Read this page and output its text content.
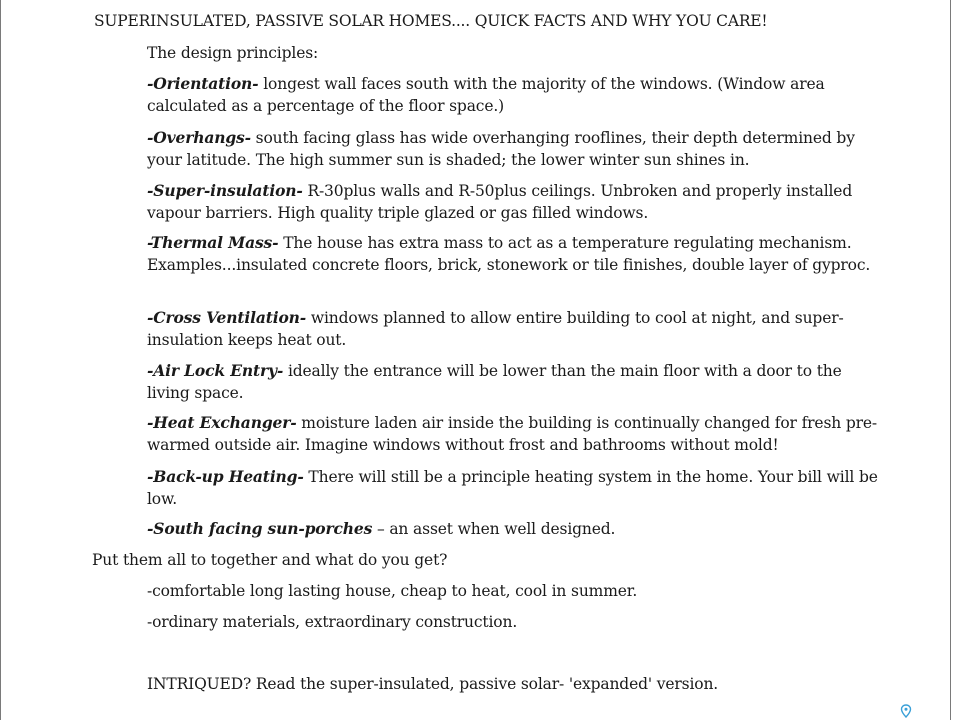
SUPERINSULATED, PASSIVE SOLAR HOMES.... QUICK FACTS AND WHY YOU CARE!
The design principles:
-Orientation- longest wall faces south with the majority of the windows. (Window area calculated as a percentage of the floor space.)
-Overhangs- south facing glass has wide overhanging rooflines, their depth determined by your latitude. The high summer sun is shaded; the lower winter sun shines in.
-Super-insulation- R-30plus walls and R-50plus ceilings. Unbroken and properly installed vapour barriers. High quality triple glazed or gas filled windows.
-Thermal Mass- The house has extra mass to act as a temperature regulating mechanism. Examples...insulated concrete floors, brick, stonework or tile finishes, double layer of gyproc.
-Cross Ventilation- windows planned to allow entire building to cool at night, and super-insulation keeps heat out.
-Air Lock Entry- ideally the entrance will be lower than the main floor with a door to the living space.
-Heat Exchanger- moisture laden air inside the building is continually changed for fresh pre-warmed outside air. Imagine windows without frost and bathrooms without mold!
-Back-up Heating- There will still be a principle heating system in the home. Your bill will be low.
-South facing sun-porches – an asset when well designed.
Put them all to together and what do you get?
-comfortable long lasting house, cheap to heat, cool in summer.
-ordinary materials, extraordinary construction.
INTRIQUED? Read the super-insulated, passive solar- 'expanded' version.
